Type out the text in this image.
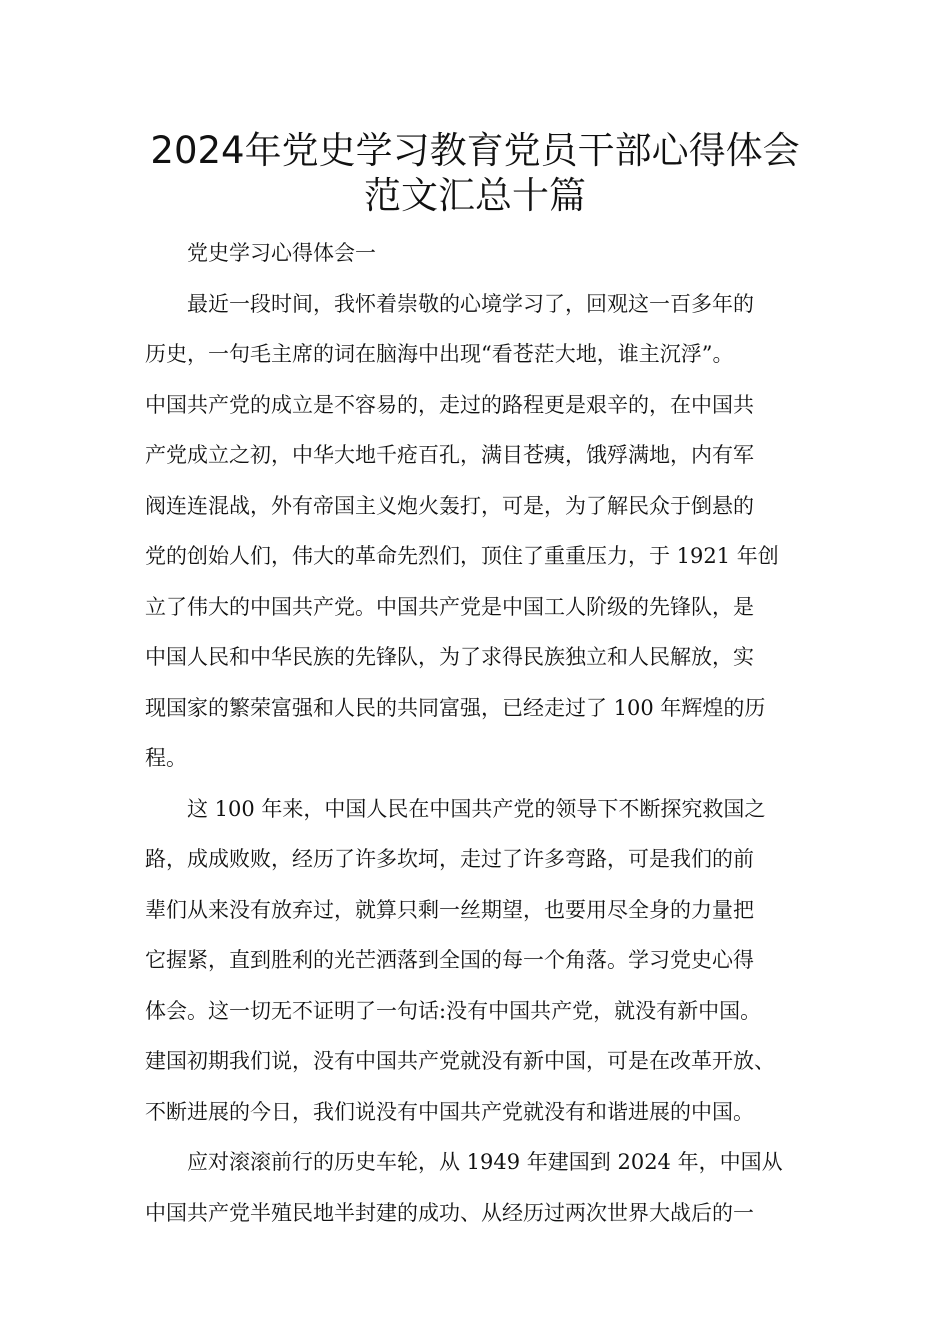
2024年党史学习教育党员干部心得体会
范文汇总十篇

党史学习心得体会一

最近一段时间，我怀着崇敬的心境学习了，回观这一百多年的
历史，一句毛主席的词在脑海中出现“看苍茫大地，谁主沉浮”。
中国共产党的成立是不容易的，走过的路程更是艰辛的，在中国共
产党成立之初，中华大地千疮百孔，满目苍痍，饿殍满地，内有军
阀连连混战，外有帝国主义炮火轰打，可是，为了解民众于倒悬的
党的创始人们，伟大的革命先烈们，顶住了重重压力，于 1921 年创
立了伟大的中国共产党。中国共产党是中国工人阶级的先锋队，是
中国人民和中华民族的先锋队，为了求得民族独立和人民解放，实
现国家的繁荣富强和人民的共同富强，已经走过了 100 年辉煌的历
程。

这 100 年来，中国人民在中国共产党的领导下不断探究救国之
路，成成败败，经历了许多坎坷，走过了许多弯路，可是我们的前
辈们从来没有放弃过，就算只剩一丝期望，也要用尽全身的力量把
它握紧，直到胜利的光芒洒落到全国的每一个角落。学习党史心得
体会。这一切无不证明了一句话:没有中国共产党，就没有新中国。
建国初期我们说，没有中国共产党就没有新中国，可是在改革开放、
不断进展的今日，我们说没有中国共产党就没有和谐进展的中国。

应对滚滚前行的历史车轮，从 1949 年建国到 2024 年，中国从
中国共产党半殖民地半封建的成功、从经历过两次世界大战后的一
